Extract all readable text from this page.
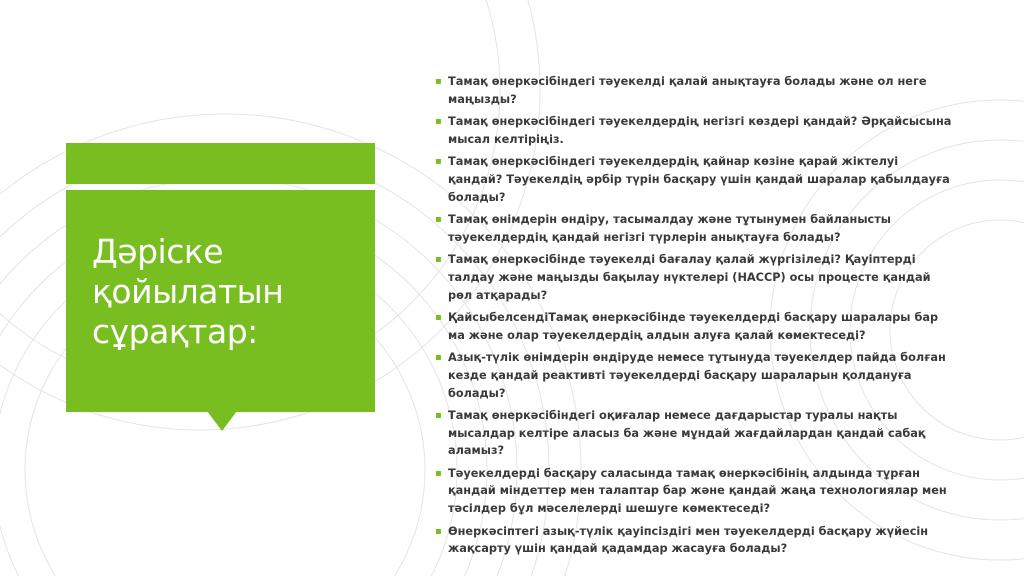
Дәріске қойылатын сұрақтар:
▪ Тамақ өнеркәсібіндегі тәуекелді қалай анықтауға болады және ол неге маңызды?
▪ Тамақ өнеркәсібіндегі тәуекелдердің негізгі көздері қандай? Әрқайсысына мысал келтіріңіз.
▪ Тамақ өнеркәсібіндегі тәуекелдердің қайнар көзіне қарай жіктелуі қандай? Тәуекелдің әрбір түрін басқару үшін қандай шаралар қабылдауға болады?
▪ Тамақ өнімдерін өндіру, тасымалдау және тұтынумен байланысты тәуекелдердің қандай негізгі түрлерін анықтауға болады?
▪ Тамақ өнеркәсібінде тәуекелді бағалау қалай жүргізіледі? Қауіптерді талдау және маңызды бақылау нүктелері (HACCP) осы процесте қандай рөл атқарады?
▪ ҚайсыбелсендіТамақ өнеркәсібінде тәуекелдерді басқару шаралары бар ма және олар тәуекелдердің алдын алуға қалай көмектеседі?
▪ Азық-түлік өнімдерін өндіруде немесе тұтынуда тәуекелдер пайда болған кезде қандай реактивті тәуекелдерді басқару шараларын қолдануға болады?
▪ Тамақ өнеркәсібіндегі оқиғалар немесе дағдарыстар туралы нақты мысалдар келтіре аласыз ба және мұндай жағдайлардан қандай сабақ аламыз?
▪ Тәуекелдерді басқару саласында тамақ өнеркәсібінің алдында тұрған қандай міндеттер мен талаптар бар және қандай жаңа технологиялар мен тәсілдер бұл мәселелерді шешуге көмектеседі?
▪ Өнеркәсіптегі азық-түлік қауіпсіздігі мен тәуекелдерді басқару жүйесін жақсарту үшін қандай қадамдар жасауға болады?
